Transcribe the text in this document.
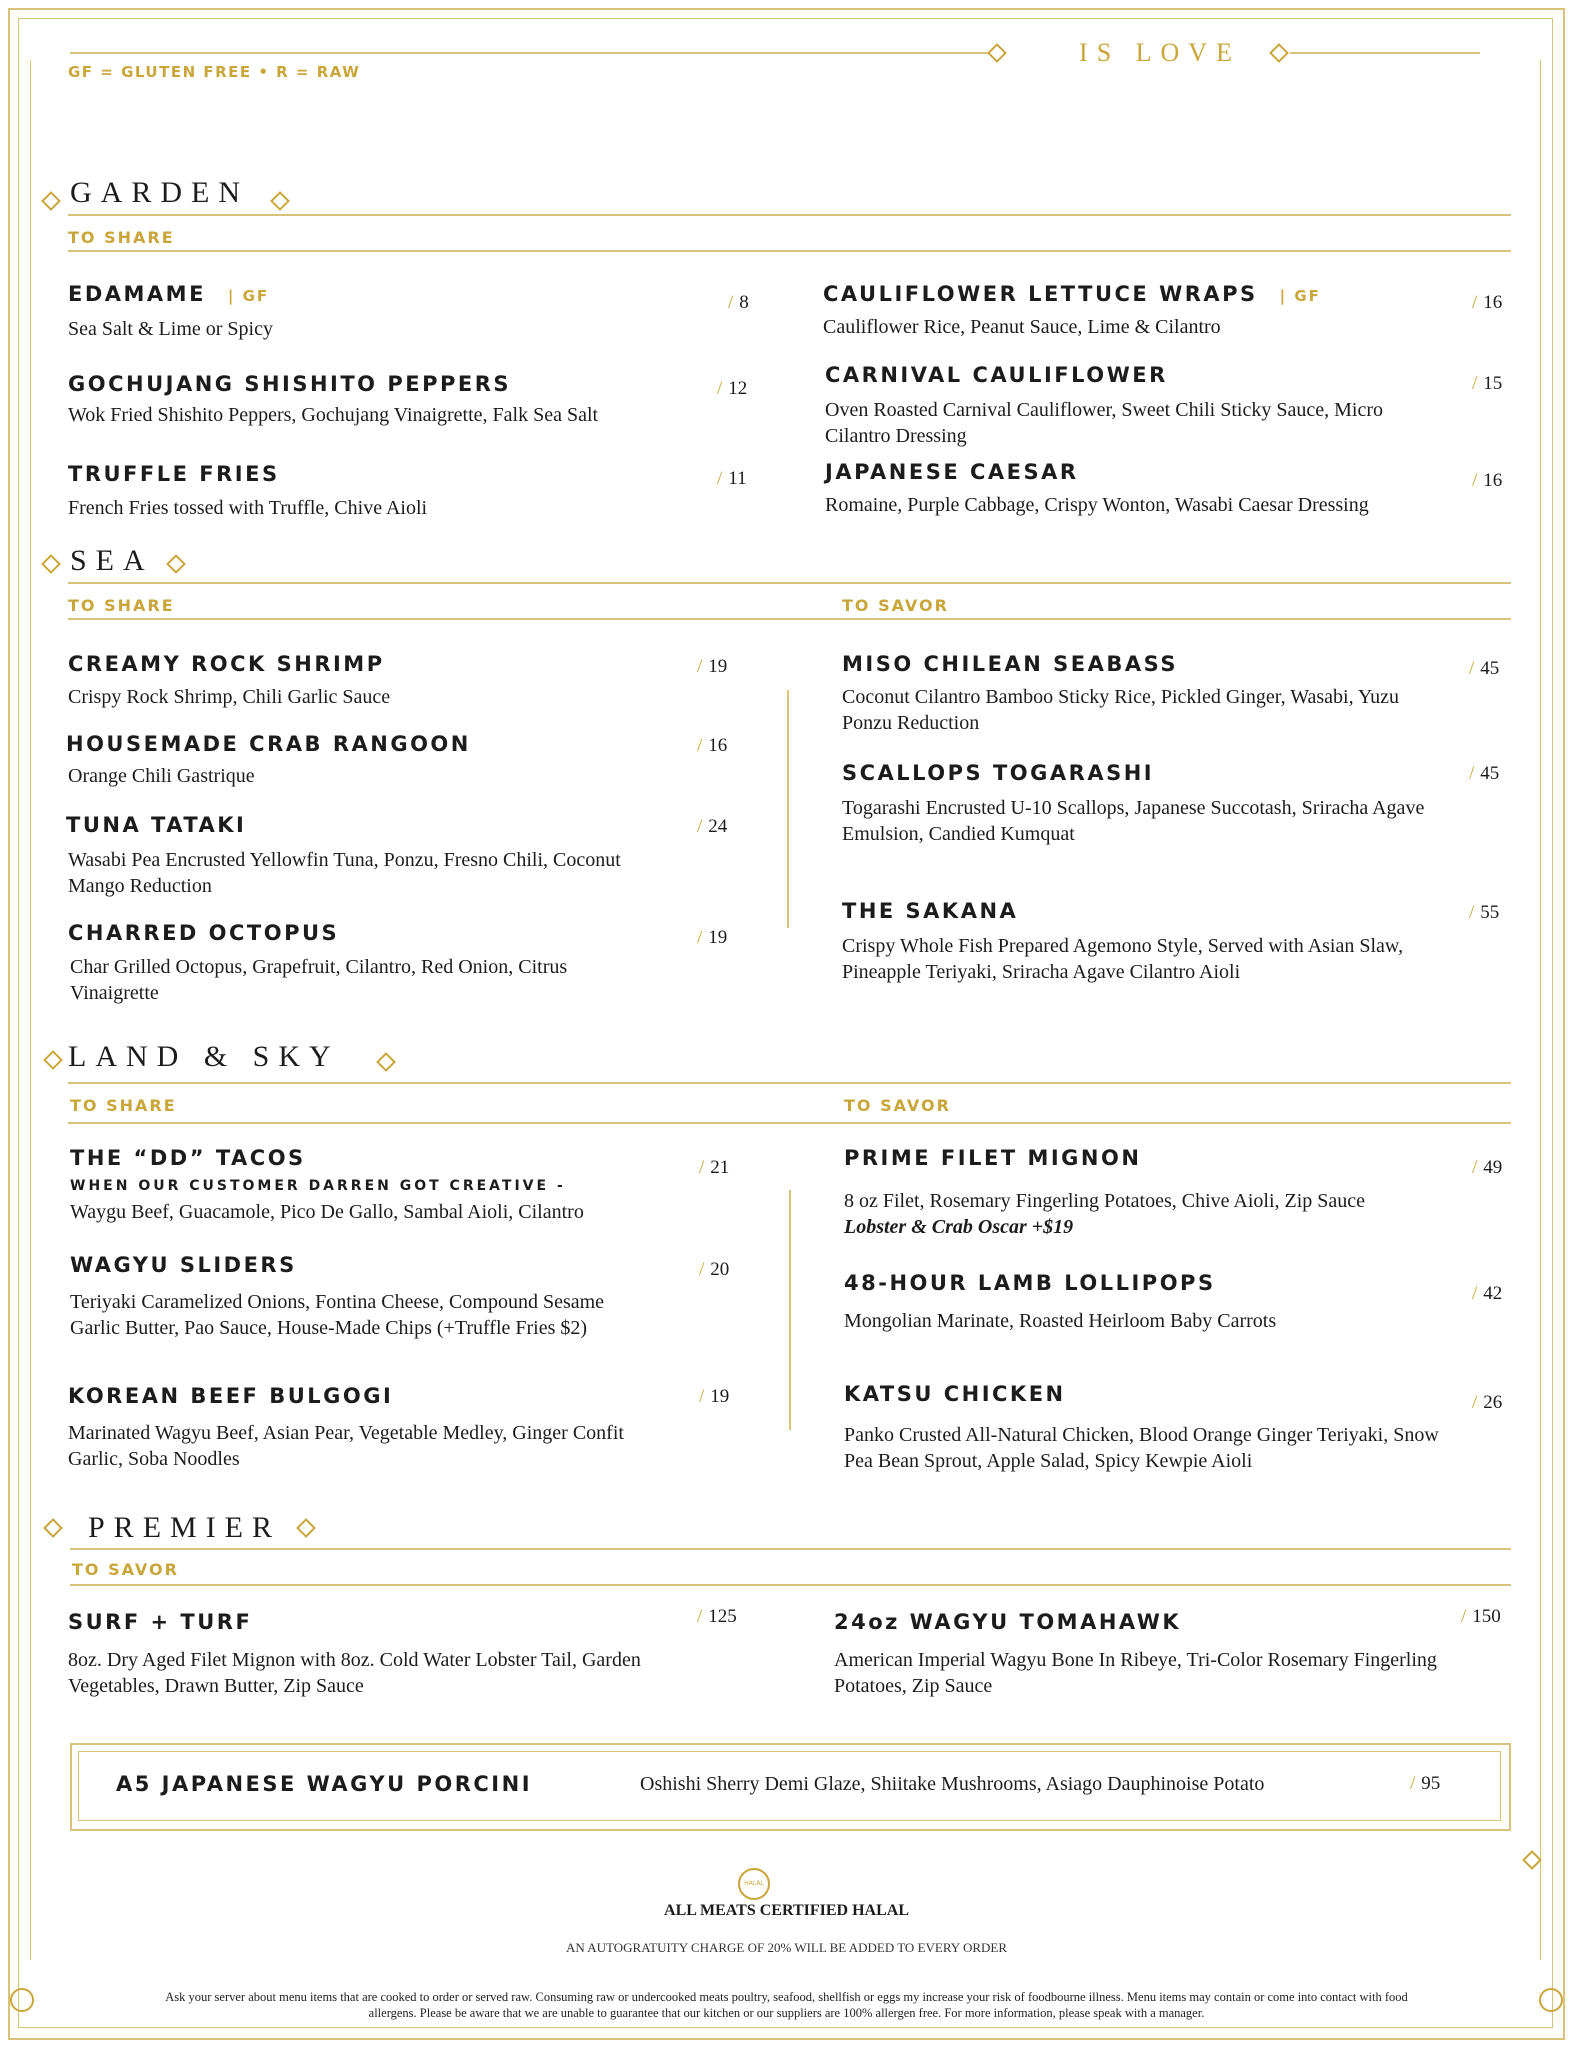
GF = GLUTEN FREE • R = RAW
IS LOVE
GARDEN
TO SHARE
EDAMAME | GF	/ 8
Sea Salt & Lime or Spicy
GOCHUJANG SHISHITO PEPPERS	/ 12
Wok Fried Shishito Peppers, Gochujang Vinaigrette, Falk Sea Salt
TRUFFLE FRIES	/ 11
French Fries tossed with Truffle, Chive Aioli
CAULIFLOWER LETTUCE WRAPS | GF	/ 16
Cauliflower Rice, Peanut Sauce, Lime & Cilantro
CARNIVAL CAULIFLOWER	/ 15
Oven Roasted Carnival Cauliflower, Sweet Chili Sticky Sauce, Micro Cilantro Dressing
JAPANESE CAESAR	/ 16
Romaine, Purple Cabbage, Crispy Wonton, Wasabi Caesar Dressing
SEA
TO SHARE	TO SAVOR
CREAMY ROCK SHRIMP	/ 19
Crispy Rock Shrimp, Chili Garlic Sauce
HOUSEMADE CRAB RANGOON	/ 16
Orange Chili Gastrique
TUNA TATAKI	/ 24
Wasabi Pea Encrusted Yellowfin Tuna, Ponzu, Fresno Chili, Coconut Mango Reduction
CHARRED OCTOPUS	/ 19
Char Grilled Octopus, Grapefruit, Cilantro, Red Onion, Citrus Vinaigrette
MISO CHILEAN SEABASS	/ 45
Coconut Cilantro Bamboo Sticky Rice, Pickled Ginger, Wasabi, Yuzu Ponzu Reduction
SCALLOPS TOGARASHI	/ 45
Togarashi Encrusted U-10 Scallops, Japanese Succotash, Sriracha Agave Emulsion, Candied Kumquat
THE SAKANA	/ 55
Crispy Whole Fish Prepared Agemono Style, Served with Asian Slaw, Pineapple Teriyaki, Sriracha Agave Cilantro Aioli
LAND & SKY
TO SHARE	TO SAVOR
THE “DD” TACOS	/ 21
WHEN OUR CUSTOMER DARREN GOT CREATIVE -
Waygu Beef, Guacamole, Pico De Gallo, Sambal Aioli, Cilantro
WAGYU SLIDERS	/ 20
Teriyaki Caramelized Onions, Fontina Cheese, Compound Sesame Garlic Butter, Pao Sauce, House-Made Chips (+Truffle Fries $2)
KOREAN BEEF BULGOGI	/ 19
Marinated Wagyu Beef, Asian Pear, Vegetable Medley, Ginger Confit Garlic, Soba Noodles
PRIME FILET MIGNON	/ 49
8 oz Filet, Rosemary Fingerling Potatoes, Chive Aioli, Zip Sauce
Lobster & Crab Oscar +$19
48-HOUR LAMB LOLLIPOPS	/ 42
Mongolian Marinate, Roasted Heirloom Baby Carrots
KATSU CHICKEN	/ 26
Panko Crusted All-Natural Chicken, Blood Orange Ginger Teriyaki, Snow Pea Bean Sprout, Apple Salad, Spicy Kewpie Aioli
PREMIER
TO SAVOR
SURF + TURF	/ 125
8oz. Dry Aged Filet Mignon with 8oz. Cold Water Lobster Tail, Garden Vegetables, Drawn Butter, Zip Sauce
24oz WAGYU TOMAHAWK	/ 150
American Imperial Wagyu Bone In Ribeye, Tri-Color Rosemary Fingerling Potatoes, Zip Sauce
A5 JAPANESE WAGYU PORCINI	Oshishi Sherry Demi Glaze, Shiitake Mushrooms, Asiago Dauphinoise Potato	/ 95
HALAL
ALL MEATS CERTIFIED HALAL
AN AUTOGRATUITY CHARGE OF 20% WILL BE ADDED TO EVERY ORDER
Ask your server about menu items that are cooked to order or served raw. Consuming raw or undercooked meats poultry, seafood, shellfish or eggs my increase your risk of foodbourne illness. Menu items may contain or come into contact with food
allergens. Please be aware that we are unable to guarantee that our kitchen or our suppliers are 100% allergen free. For more information, please speak with a manager.
